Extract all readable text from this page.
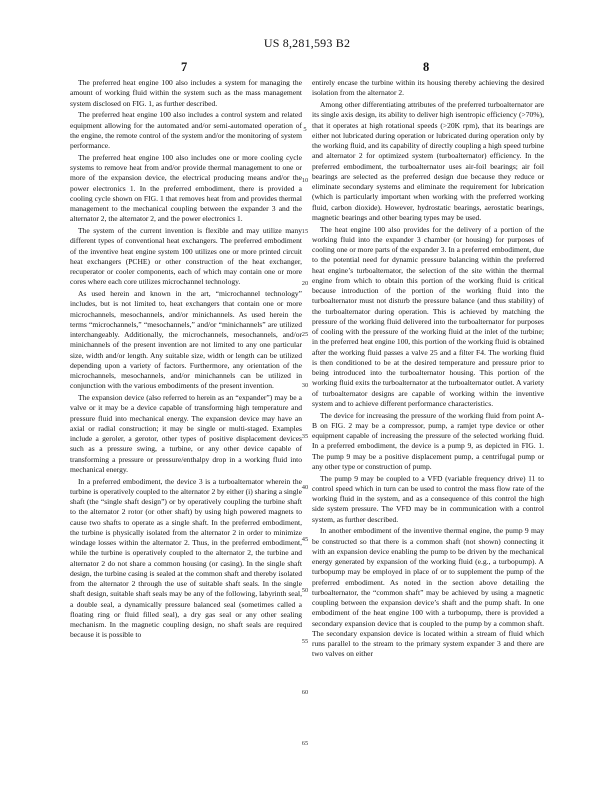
US 8,281,593 B2
7	8

The preferred heat engine 100 also includes a system for managing the amount of working fluid within the system such as the mass management system disclosed on FIG. 1, as further described.

The preferred heat engine 100 also includes a control system and related equipment allowing for the automated and/or semi-automated operation of the engine, the remote control of the system and/or the monitoring of system performance.

The preferred heat engine 100 also includes one or more cooling cycle systems to remove heat from and/or provide thermal management to one or more of the expansion device, the electrical producing means and/or the power electronics 1. In the preferred embodiment, there is provided a cooling cycle shown on FIG. 1 that removes heat from and provides thermal management to the mechanical coupling between the expander 3 and the alternator 2, the alternator 2, and the power electronics 1.

The system of the current invention is flexible and may utilize many different types of conventional heat exchangers. The preferred embodiment of the inventive heat engine system 100 utilizes one or more printed circuit heat exchangers (PCHE) or other construction of the heat exchanger, recuperator or cooler components, each of which may contain one or more cores where each core utilizes microchannel technology.

As used herein and known in the art, “microchannel technology” includes, but is not limited to, heat exchangers that contain one or more microchannels, mesochannels, and/or minichannels. As used herein the terms “microchannels,” “mesochannels,” and/or “minichannels” are utilized interchangeably. Additionally, the microchannels, mesochannels, and/or minichannels of the present invention are not limited to any one particular size, width and/or length. Any suitable size, width or length can be utilized depending upon a variety of factors. Furthermore, any orientation of the microchannels, mesochannels, and/or minichannels can be utilized in conjunction with the various embodiments of the present invention.

The expansion device (also referred to herein as an “expander”) may be a valve or it may be a device capable of transforming high temperature and pressure fluid into mechanical energy. The expansion device may have an axial or radial construction; it may be single or multi-staged. Examples include a geroler, a gerotor, other types of positive displacement devices such as a pressure swing, a turbine, or any other device capable of transforming a pressure or pressure/enthalpy drop in a working fluid into mechanical energy.

In a preferred embodiment, the device 3 is a turboalternator wherein the turbine is operatively coupled to the alternator 2 by either (i) sharing a single shaft (the “single shaft design”) or by operatively coupling the turbine shaft to the alternator 2 rotor (or other shaft) by using high powered magnets to cause two shafts to operate as a single shaft. In the preferred embodiment, the turbine is physically isolated from the alternator 2 in order to minimize windage losses within the alternator 2. Thus, in the preferred embodiment, while the turbine is operatively coupled to the alternator 2, the turbine and alternator 2 do not share a common housing (or casing). In the single shaft design, the turbine casing is sealed at the common shaft and thereby isolated from the alternator 2 through the use of suitable shaft seals. In the single shaft design, suitable shaft seals may be any of the following, labyrinth seal, a double seal, a dynamically pressure balanced seal (sometimes called a floating ring or fluid filled seal), a dry gas seal or any other sealing mechanism. In the magnetic coupling design, no shaft seals are required because it is possible to

entirely encase the turbine within its housing thereby achieving the desired isolation from the alternator 2.

Among other differentiating attributes of the preferred turboalternator are its single axis design, its ability to deliver high isentropic efficiency (>70%), that it operates at high rotational speeds (>20K rpm), that its bearings are either not lubricated during operation or lubricated during operation only by the working fluid, and its capability of directly coupling a high speed turbine and alternator 2 for optimized system (turboalternator) efficiency. In the preferred embodiment, the turboalternator uses air-foil bearings; air foil bearings are selected as the preferred design due because they reduce or eliminate secondary systems and eliminate the requirement for lubrication (which is particularly important when working with the preferred working fluid, carbon dioxide). However, hydrostatic bearings, aerostatic bearings, magnetic bearings and other bearing types may be used.

The heat engine 100 also provides for the delivery of a portion of the working fluid into the expander 3 chamber (or housing) for purposes of cooling one or more parts of the expander 3. In a preferred embodiment, due to the potential need for dynamic pressure balancing within the preferred heat engine’s turboalternator, the selection of the site within the thermal engine from which to obtain this portion of the working fluid is critical because introduction of the portion of the working fluid into the turboalternator must not disturb the pressure balance (and thus stability) of the turboalternator during operation. This is achieved by matching the pressure of the working fluid delivered into the turboalternator for purposes of cooling with the pressure of the working fluid at the inlet of the turbine; in the preferred heat engine 100, this portion of the working fluid is obtained after the working fluid passes a valve 25 and a filter F4. The working fluid is then conditioned to be at the desired temperature and pressure prior to being introduced into the turboalternator housing. This portion of the working fluid exits the turboalternator at the turboalternator outlet. A variety of turboalternator designs are capable of working within the inventive system and to achieve different performance characteristics.

The device for increasing the pressure of the working fluid from point A-B on FIG. 2 may be a compressor, pump, a ramjet type device or other equipment capable of increasing the pressure of the selected working fluid. In a preferred embodiment, the device is a pump 9, as depicted in FIG. 1. The pump 9 may be a positive displacement pump, a centrifugal pump or any other type or construction of pump.

The pump 9 may be coupled to a VFD (variable frequency drive) 11 to control speed which in turn can be used to control the mass flow rate of the working fluid in the system, and as a consequence of this control the high side system pressure. The VFD may be in communication with a control system, as further described.

In another embodiment of the inventive thermal engine, the pump 9 may be constructed so that there is a common shaft (not shown) connecting it with an expansion device enabling the pump to be driven by the mechanical energy generated by expansion of the working fluid (e.g., a turbopump). A turbopump may be employed in place of or to supplement the pump of the preferred embodiment. As noted in the section above detailing the turboalternator, the “common shaft” may be achieved by using a magnetic coupling between the expansion device’s shaft and the pump shaft. In one embodiment of the heat engine 100 with a turbopump, there is provided a secondary expansion device that is coupled to the pump by a common shaft. The secondary expansion device is located within a stream of fluid which runs parallel to the stream to the primary system expander 3 and there are two valves on either

5
10
15
20
25
30
35
40
45
50
55
60
65
